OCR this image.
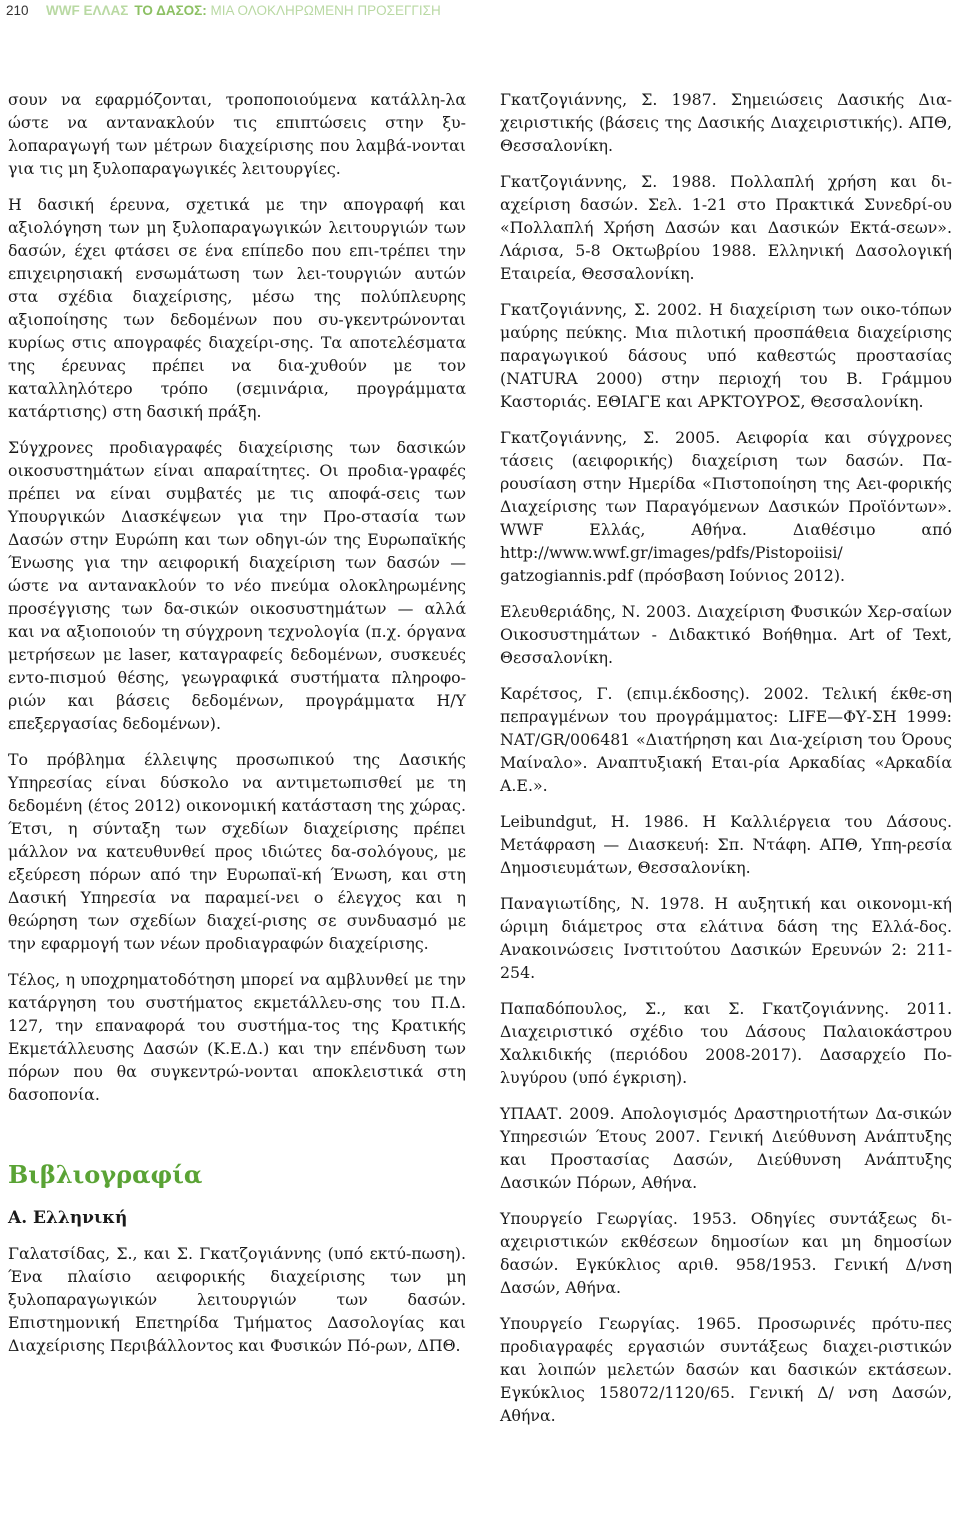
210 WWF ΕΛΛΑΣ ΤΟ ΔΑΣΟΣ: ΜΙΑ ΟΛΟΚΛΗΡΩΜΕΝΗ ΠΡΟΣΕΓΓΙΣΗ

σουν να εφαρμόζονται, τροποποιούμενα κατάλλη-λα ώστε να αντανακλούν τις επιπτώσεις στην ξυ-λοπαραγωγή των μέτρων διαχείρισης που λαμβά-νονται για τις μη ξυλοπαραγωγικές λειτουργίες.

Η δασική έρευνα, σχετικά με την απογραφή και αξιολόγηση των μη ξυλοπαραγωγικών λειτουργιών των δασών, έχει φτάσει σε ένα επίπεδο που επι-τρέπει την επιχειρησιακή ενσωμάτωση των λει-τουργιών αυτών στα σχέδια διαχείρισης, μέσω της πολύπλευρης αξιοποίησης των δεδομένων που συ-γκεντρώνονται κυρίως στις απογραφές διαχείρι-σης. Τα αποτελέσματα της έρευνας πρέπει να δια-χυθούν με τον καταλληλότερο τρόπο (σεμινάρια, προγράμματα κατάρτισης) στη δασική πράξη.

Σύγχρονες προδιαγραφές διαχείρισης των δασικών οικοσυστημάτων είναι απαραίτητες. Οι προδια-γραφές πρέπει να είναι συμβατές με τις αποφά-σεις των Υπουργικών Διασκέψεων για την Προ-στασία των Δασών στην Ευρώπη και των οδηγι-ών της Ευρωπαϊκής Ένωσης για την αειφορική διαχείριση των δασών — ώστε να αντανακλούν το νέο πνεύμα ολοκληρωμένης προσέγγισης των δα-σικών οικοσυστημάτων — αλλά και να αξιοποιούν τη σύγχρονη τεχνολογία (π.χ. όργανα μετρήσεων με laser, καταγραφείς δεδομένων, συσκευές εντο-πισμού θέσης, γεωγραφικά συστήματα πληροφο-ριών και βάσεις δεδομένων, προγράμματα Η/Υ επεξεργασίας δεδομένων).

Το πρόβλημα έλλειψης προσωπικού της Δασικής Υπηρεσίας είναι δύσκολο να αντιμετωπισθεί με τη δεδομένη (έτος 2012) οικονομική κατάσταση της χώρας. Έτσι, η σύνταξη των σχεδίων διαχείρισης πρέπει μάλλον να κατευθυνθεί προς ιδιώτες δα-σολόγους, με εξεύρεση πόρων από την Ευρωπαϊ-κή Ένωση, και στη Δασική Υπηρεσία να παραμεί-νει ο έλεγχος και η θεώρηση των σχεδίων διαχεί-ρισης σε συνδυασμό με την εφαρμογή των νέων προδιαγραφών διαχείρισης.

Τέλος, η υποχρηματοδότηση μπορεί να αμβλυνθεί με την κατάργηση του συστήματος εκμετάλλευ-σης του Π.Δ. 127, την επαναφορά του συστήμα-τος της Κρατικής Εκμετάλλευσης Δασών (Κ.Ε.Δ.) και την επένδυση των πόρων που θα συγκεντρώ-νονται αποκλειστικά στη δασοπονία.

Βιβλιογραφία
Α. Ελληνική

Γαλατσίδας, Σ., και Σ. Γκατζογιάννης (υπό εκτύ-πωση). Ένα πλαίσιο αειφορικής διαχείρισης των μη ξυλοπαραγωγικών λειτουργιών των δασών. Επιστημονική Επετηρίδα Τμήματος Δασολογίας και Διαχείρισης Περιβάλλοντος και Φυσικών Πό-ρων, ΔΠΘ.

Γκατζογιάννης, Σ. 1987. Σημειώσεις Δασικής Δια-χειριστικής (βάσεις της Δασικής Διαχειριστικής). ΑΠΘ, Θεσσαλονίκη.

Γκατζογιάννης, Σ. 1988. Πολλαπλή χρήση και δι-αχείριση δασών. Σελ. 1-21 στο Πρακτικά Συνεδρί-ου «Πολλαπλή Χρήση Δασών και Δασικών Εκτά-σεων». Λάρισα, 5-8 Οκτωβρίου 1988. Ελληνική Δασολογική Εταιρεία, Θεσσαλονίκη.

Γκατζογιάννης, Σ. 2002. Η διαχείριση των οικο-τόπων μαύρης πεύκης. Μια πιλοτική προσπάθεια διαχείρισης παραγωγικού δάσους υπό καθεστώς προστασίας (NATURA 2000) στην περιοχή του Β. Γράμμου Καστοριάς. ΕΘΙΑΓΕ και ΑΡΚΤΟΥΡΟΣ, Θεσσαλονίκη.

Γκατζογιάννης, Σ. 2005. Αειφορία και σύγχρονες τάσεις (αειφορικής) διαχείριση των δασών. Πα-ρουσίαση στην Ημερίδα «Πιστοποίηση της Αει-φορικής Διαχείρισης των Παραγόμενων Δασικών Προϊόντων». WWF Ελλάς, Αθήνα. Διαθέσιμο από http://www.wwf.gr/images/pdfs/Pistopoiisi/ gatzogiannis.pdf (πρόσβαση Ιούνιος 2012).

Ελευθεριάδης, Ν. 2003. Διαχείριση Φυσικών Χερ-σαίων Οικοσυστημάτων - Διδακτικό Βοήθημα. Art of Text, Θεσσαλονίκη.

Καρέτσος, Γ. (επιμ.έκδοσης). 2002. Τελική έκθε-ση πεπραγμένων του προγράμματος: LIFE—ΦΥ-ΣΗ 1999: NAT/GR/006481 «Διατήρηση και Δια-χείριση του Όρους Μαίναλο». Αναπτυξιακή Εται-ρία Αρκαδίας «Αρκαδία Α.Ε.».

Leibundgut, H. 1986. Η Καλλιέργεια του Δάσους. Μετάφραση — Διασκευή: Σπ. Ντάφη. ΑΠΘ, Υπη-ρεσία Δημοσιευμάτων, Θεσσαλονίκη.

Παναγιωτίδης, Ν. 1978. Η αυξητική και οικονομι-κή ώριμη διάμετρος στα ελάτινα δάση της Ελλά-δος. Ανακοινώσεις Ινστιτούτου Δασικών Ερευνών 2: 211-254.

Παπαδόπουλος, Σ., και Σ. Γκατζογιάννης. 2011. Διαχειριστικό σχέδιο του Δάσους Παλαιοκάστρου Χαλκιδικής (περιόδου 2008-2017). Δασαρχείο Πο-λυγύρου (υπό έγκριση).

ΥΠΑΑΤ. 2009. Απολογισμός Δραστηριοτήτων Δα-σικών Υπηρεσιών Έτους 2007. Γενική Διεύθυνση Ανάπτυξης και Προστασίας Δασών, Διεύθυνση Ανάπτυξης Δασικών Πόρων, Αθήνα.

Υπουργείο Γεωργίας. 1953. Οδηγίες συντάξεως δι-αχειριστικών εκθέσεων δημοσίων και μη δημοσίων δασών. Εγκύκλιος αριθ. 958/1953. Γενική Δ/νση Δασών, Αθήνα.

Υπουργείο Γεωργίας. 1965. Προσωρινές πρότυ-πες προδιαγραφές εργασιών συντάξεως διαχει-ριστικών και λοιπών μελετών δασών και δασικών εκτάσεων. Εγκύκλιος 158072/1120/65. Γενική Δ/ νση Δασών, Αθήνα.
